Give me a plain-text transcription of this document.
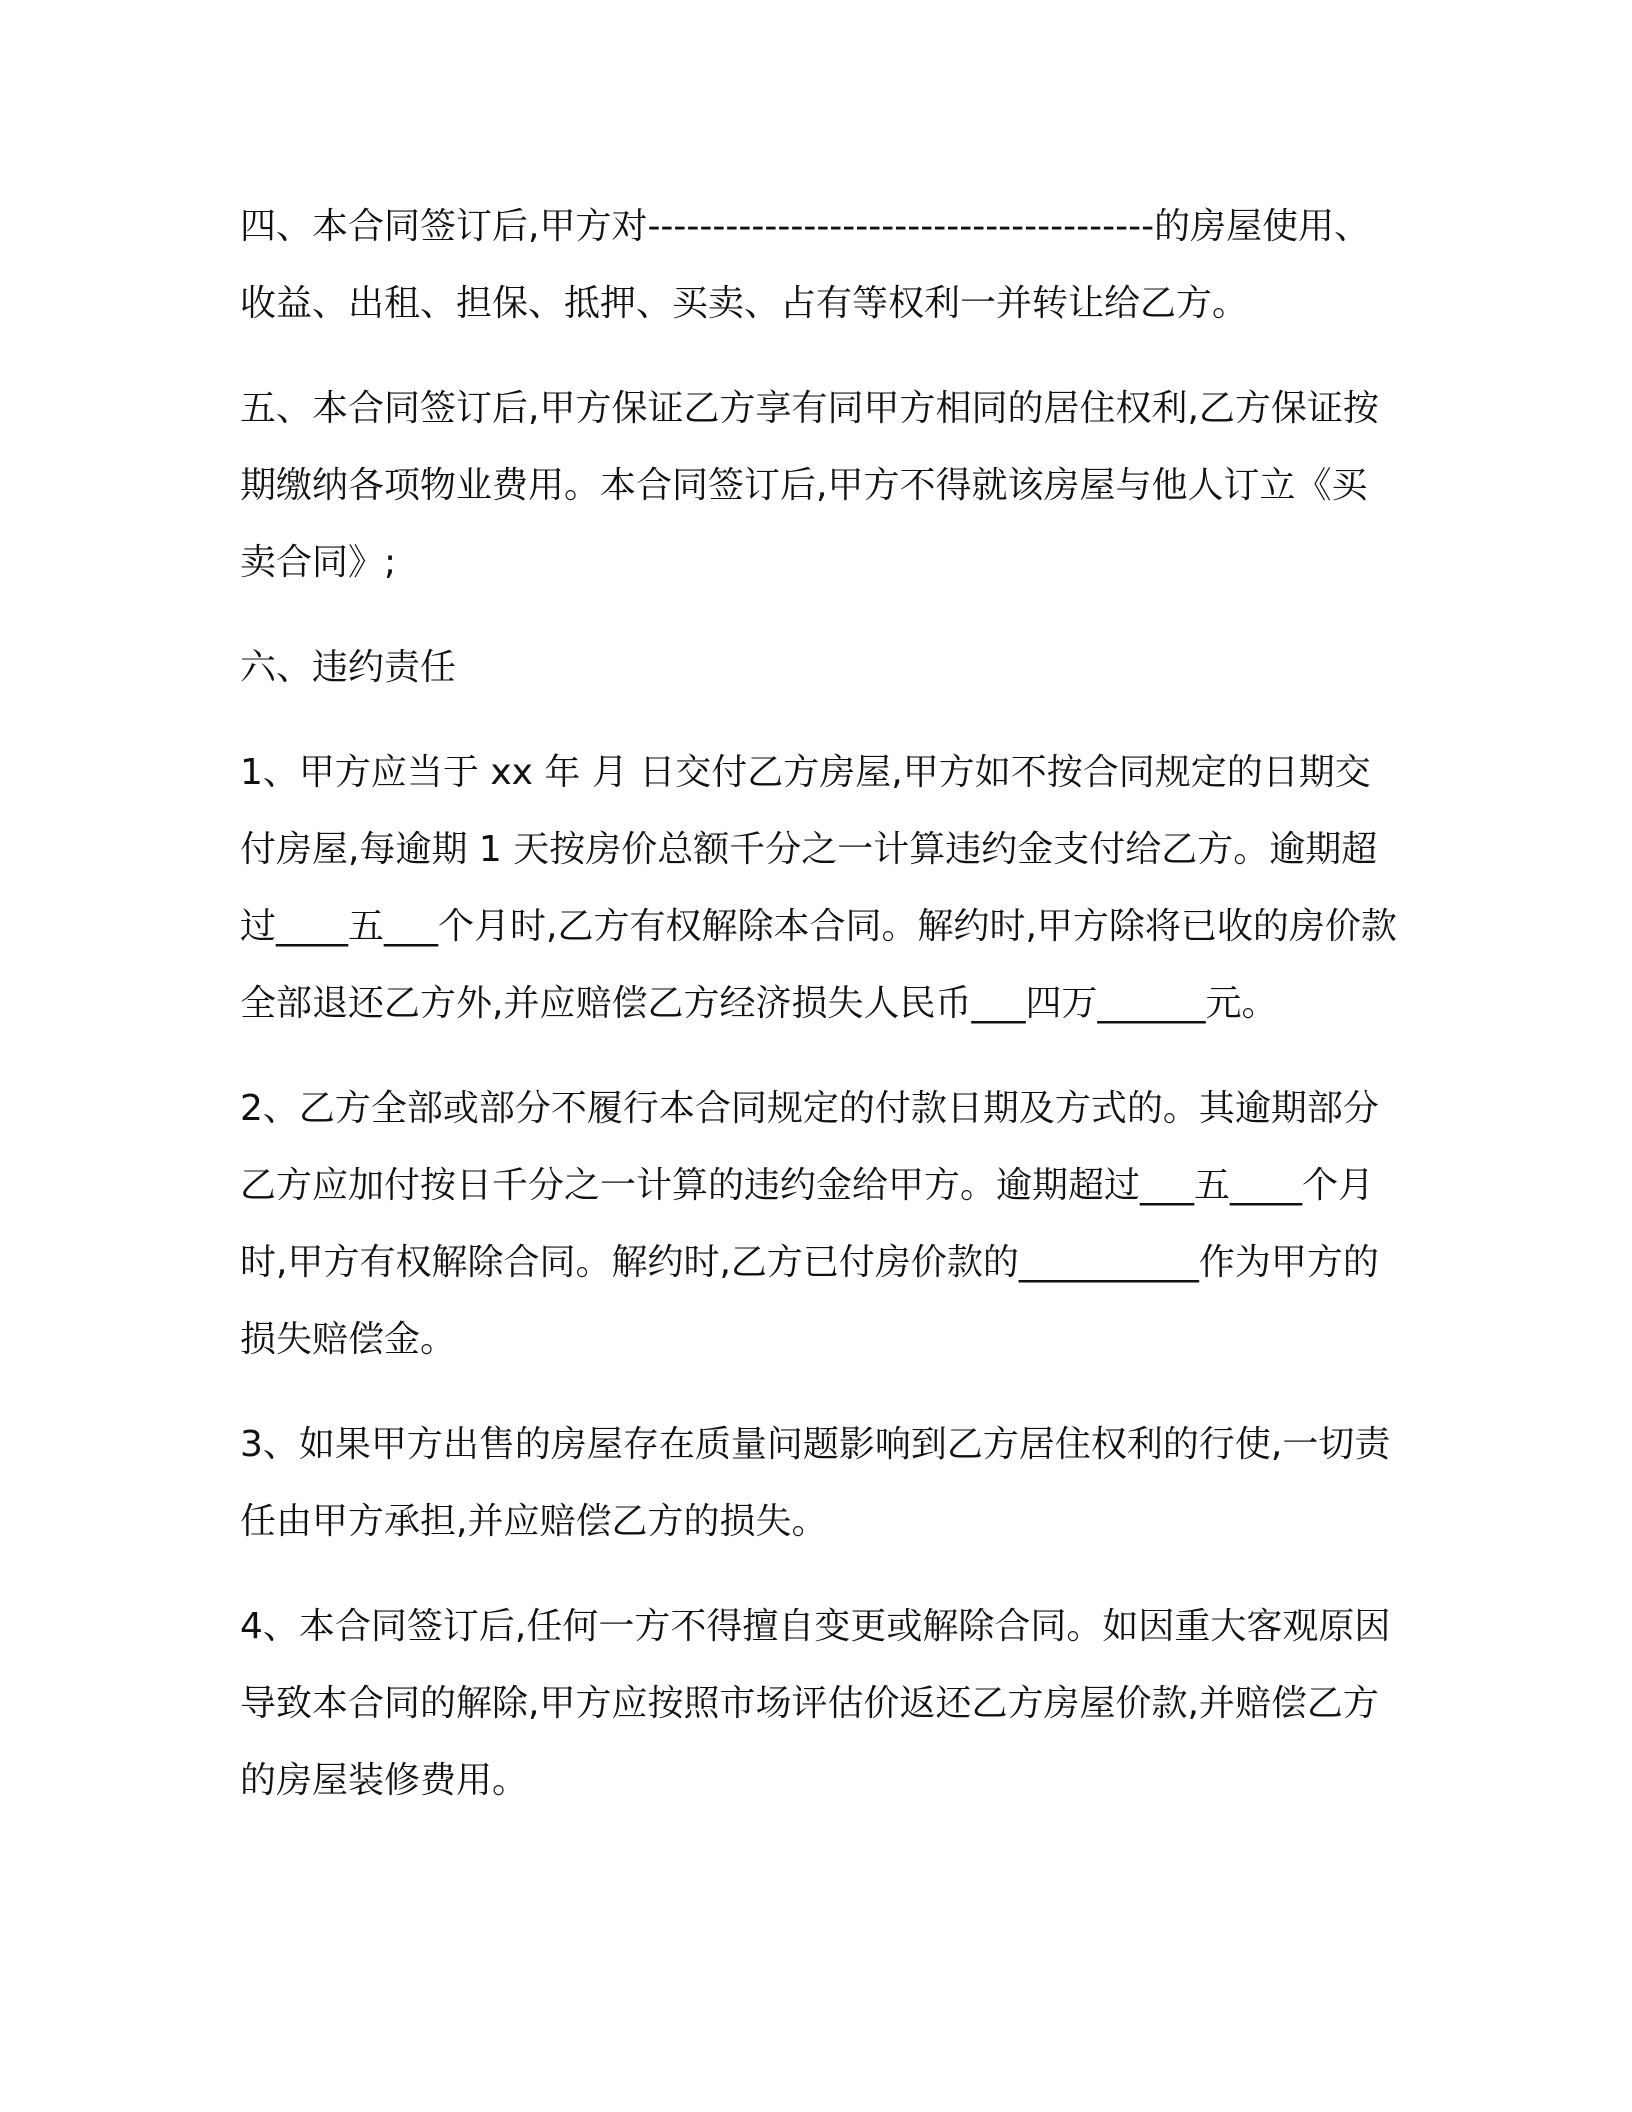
四、本合同签订后,甲方对---------------------------------------的房屋使用、收益、出租、担保、抵押、买卖、占有等权利一并转让给乙方。

五、本合同签订后,甲方保证乙方享有同甲方相同的居住权利,乙方保证按期缴纳各项物业费用。本合同签订后,甲方不得就该房屋与他人订立《买卖合同》;

六、违约责任

1、甲方应当于 xx 年 月 日交付乙方房屋,甲方如不按合同规定的日期交付房屋,每逾期 1 天按房价总额千分之一计算违约金支付给乙方。逾期超过____五___个月时,乙方有权解除本合同。解约时,甲方除将已收的房价款全部退还乙方外,并应赔偿乙方经济损失人民币___四万______元。

2、乙方全部或部分不履行本合同规定的付款日期及方式的。其逾期部分乙方应加付按日千分之一计算的违约金给甲方。逾期超过___五____个月时,甲方有权解除合同。解约时,乙方已付房价款的__________作为甲方的损失赔偿金。

3、如果甲方出售的房屋存在质量问题影响到乙方居住权利的行使,一切责任由甲方承担,并应赔偿乙方的损失。

4、本合同签订后,任何一方不得擅自变更或解除合同。如因重大客观原因导致本合同的解除,甲方应按照市场评估价返还乙方房屋价款,并赔偿乙方的房屋装修费用。
